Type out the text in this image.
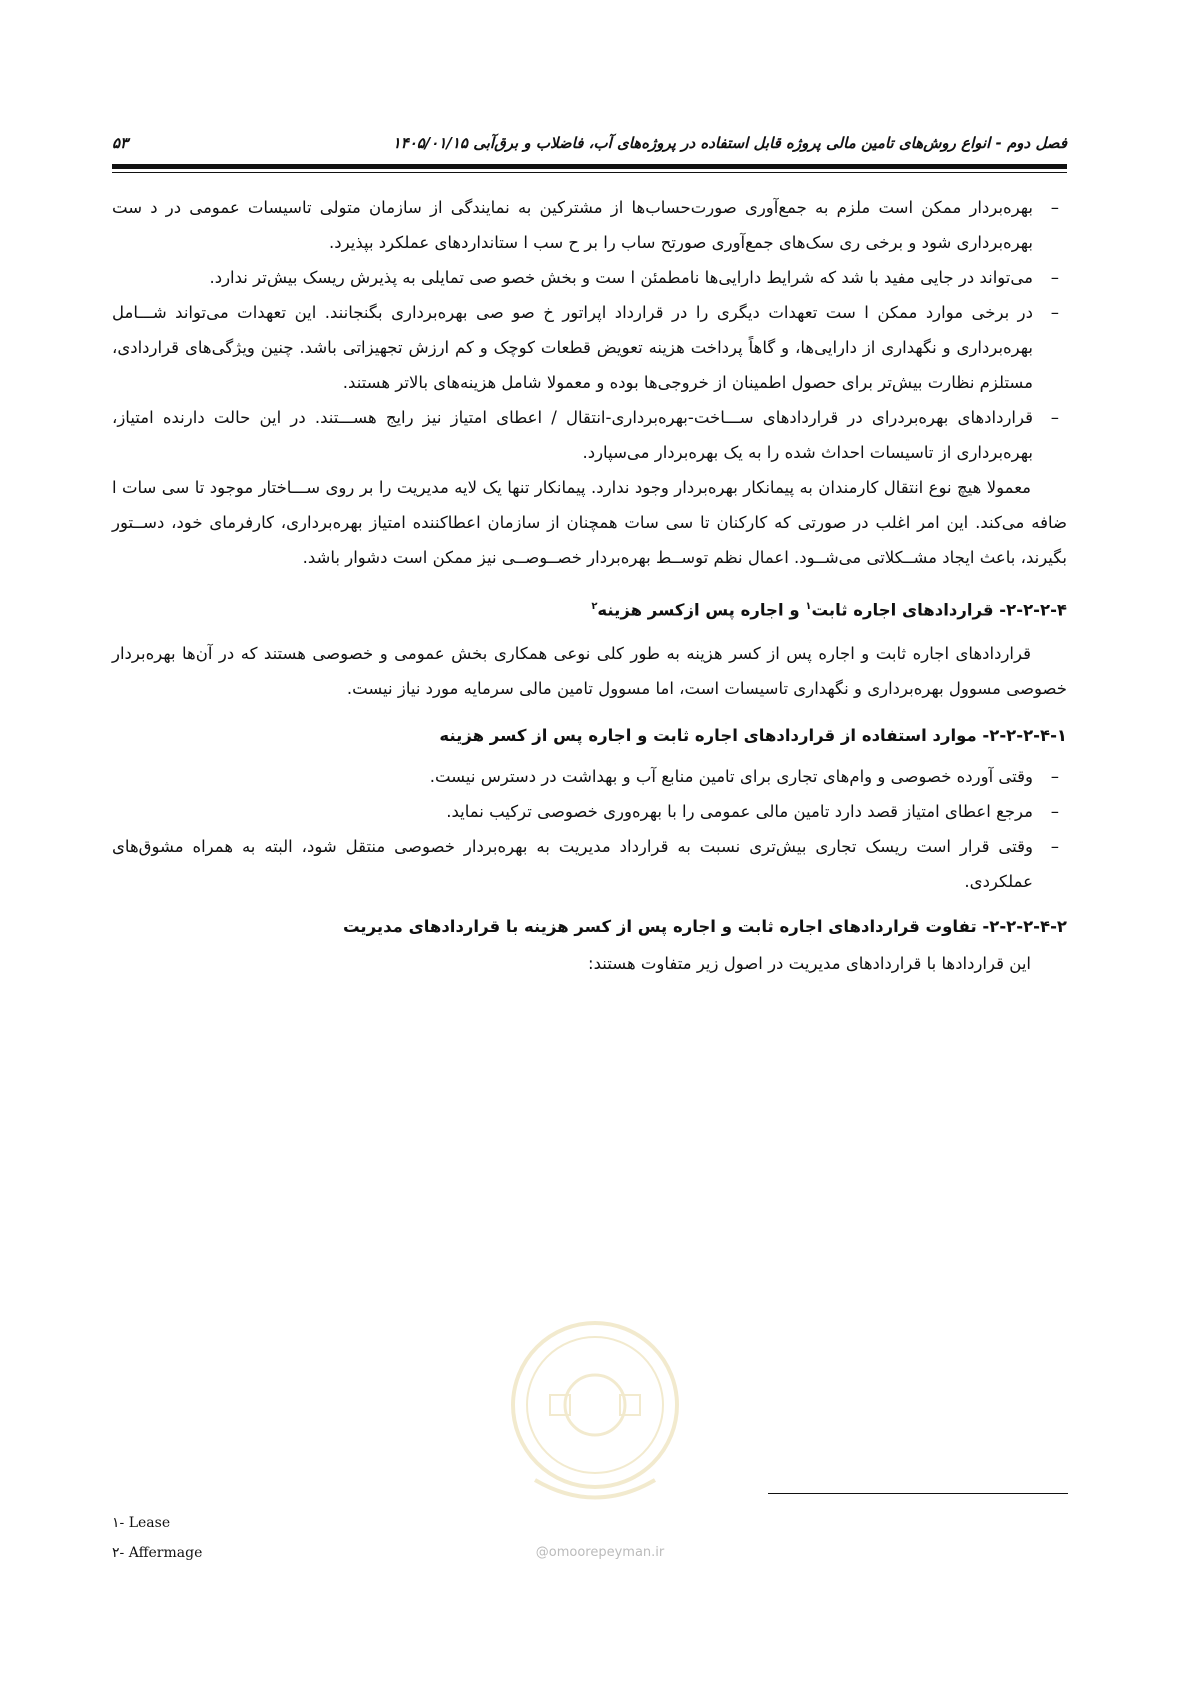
فصل دوم - انواع روش‌های تامین مالی پروژه قابل استفاده در پروژه‌های آب، فاضلاب و برق‌آبی ۱۴۰۵/۰۱/۱۵
۵۳
– بهره‌بردار ممکن است ملزم به جمع‌آوری صورت‌حساب‌ها از مشترکین به نمایندگی از سازمان متولی تاسیسات عمومی در د ست بهره‌برداری شود و برخی ری سک‌های جمع‌آوری صورتح ساب را بر ح سب ا ستانداردهای عملکرد بپذیرد.
– می‌تواند در جایی مفید با شد که شرایط دارایی‌ها نامطمئن ا ست و بخش خصو صی تمایلی به پذیرش ریسک بیش‌تر ندارد.
– در برخی موارد ممکن ا ست تعهدات دیگری را در قرارداد اپراتور خ صو صی بهره‌برداری بگنجانند. این تعهدات می‌تواند شـــامل بهره‌برداری و نگهداری از دارایی‌ها، و گاهاً پرداخت هزینه تعویض قطعات کوچک و کم ارزش تجهیزاتی باشد. چنین ویژگی‌های قراردادی، مستلزم نظارت بیش‌تر برای حصول اطمینان از خروجی‌ها بوده و معمولا شامل هزینه‌های بالاتر هستند.
– قراردادهای بهره‌بردرای در قراردادهای ســـاخت-بهره‌برداری-انتقال / اعطای امتیاز نیز رایج هســـتند. در این حالت دارنده امتیاز، بهره‌برداری از تاسیسات احداث شده را به یک بهره‌بردار می‌سپارد.

معمولا هیچ نوع انتقال کارمندان به پیمانکار بهره‌بردار وجود ندارد. پیمانکار تنها یک لایه مدیریت را بر روی ســـاختار موجود تا سی سات ا ضافه می‌کند. این امر اغلب در صورتی که کارکنان تا سی سات همچنان از سازمان اعطاکننده امتیاز بهره‌برداری، کارفرمای خود، دســتور بگیرند، باعث ایجاد مشــکلاتی می‌شــود. اعمال نظم توســط بهره‌بردار خصــوصــی نیز ممکن است دشوار باشد.

۲-۲-۲-۴- قراردادهای اجاره ثابت$^۱$ و اجاره پس ازکسر هزینه$^۲$

قراردادهای اجاره ثابت و اجاره پس از کسر هزینه به طور کلی نوعی همکاری بخش عمومی و خصوصی هستند که در آن‌ها بهره‌بردار خصوصی مسوول بهره‌برداری و نگهداری تاسیسات است، اما مسوول تامین مالی سرمایه مورد نیاز نیست.

۲-۲-۲-۴-۱- موارد استفاده از قراردادهای اجاره ثابت و اجاره پس از کسر هزینه

– وقتی آورده خصوصی و وام‌های تجاری برای تامین منابع آب و بهداشت در دسترس نیست.
– مرجع اعطای امتیاز قصد دارد تامین مالی عمومی را با بهره‌وری خصوصی ترکیب نماید.
– وقتی قرار است ریسک تجاری بیش‌تری نسبت به قرارداد مدیریت به بهره‌بردار خصوصی منتقل شود، البته به همراه مشوق‌های عملکردی.

۲-۲-۲-۴-۲- تفاوت قراردادهای اجاره ثابت و اجاره پس از کسر هزینه با قراردادهای مدیریت

این قراردادها با قراردادهای مدیریت در اصول زیر متفاوت هستند:

@omoorepeyman.ir
۱- Lease
۲- Affermage
